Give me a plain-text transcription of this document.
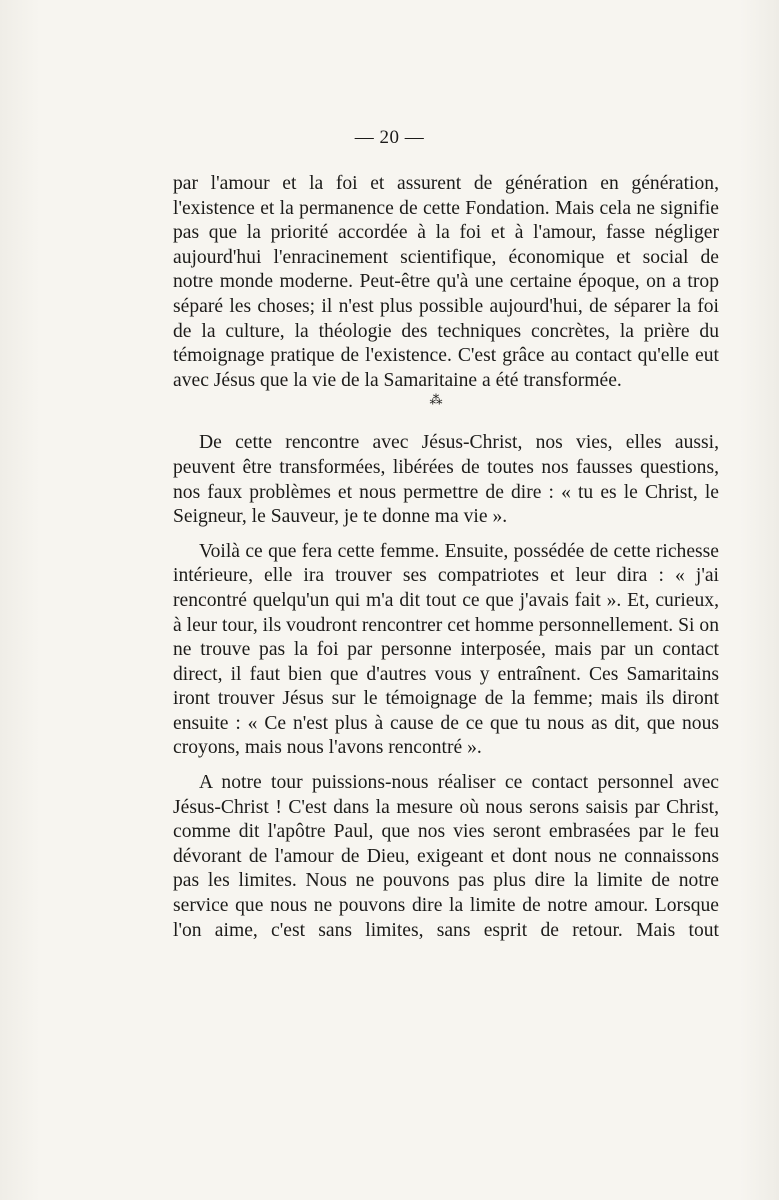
— 20 —

par l'amour et la foi et assurent de génération en génération, l'existence et la permanence de cette Fondation. Mais cela ne signifie pas que la priorité accordée à la foi et à l'amour, fasse négliger aujourd'hui l'enracinement scientifique, économique et social de notre monde moderne. Peut-être qu'à une certaine époque, on a trop séparé les choses; il n'est plus possible aujourd'hui, de séparer la foi de la culture, la théologie des techniques concrètes, la prière du témoignage pratique de l'existence. C'est grâce au contact qu'elle eut avec Jésus que la vie de la Samaritaine a été transformée.

⁂

De cette rencontre avec Jésus-Christ, nos vies, elles aussi, peuvent être transformées, libérées de toutes nos fausses questions, nos faux problèmes et nous permettre de dire : « tu es le Christ, le Seigneur, le Sauveur, je te donne ma vie ».

Voilà ce que fera cette femme. Ensuite, possédée de cette richesse intérieure, elle ira trouver ses compatriotes et leur dira : « j'ai rencontré quelqu'un qui m'a dit tout ce que j'avais fait ». Et, curieux, à leur tour, ils voudront rencontrer cet homme personnellement. Si on ne trouve pas la foi par personne interposée, mais par un contact direct, il faut bien que d'autres vous y entraînent. Ces Samaritains iront trouver Jésus sur le témoignage de la femme; mais ils diront ensuite : « Ce n'est plus à cause de ce que tu nous as dit, que nous croyons, mais nous l'avons rencontré ».

A notre tour puissions-nous réaliser ce contact personnel avec Jésus-Christ ! C'est dans la mesure où nous serons saisis par Christ, comme dit l'apôtre Paul, que nos vies seront embrasées par le feu dévorant de l'amour de Dieu, exigeant et dont nous ne connaissons pas les limites. Nous ne pouvons pas plus dire la limite de notre service que nous ne pouvons dire la limite de notre amour. Lorsque l'on aime, c'est sans limites, sans esprit de retour. Mais tout
